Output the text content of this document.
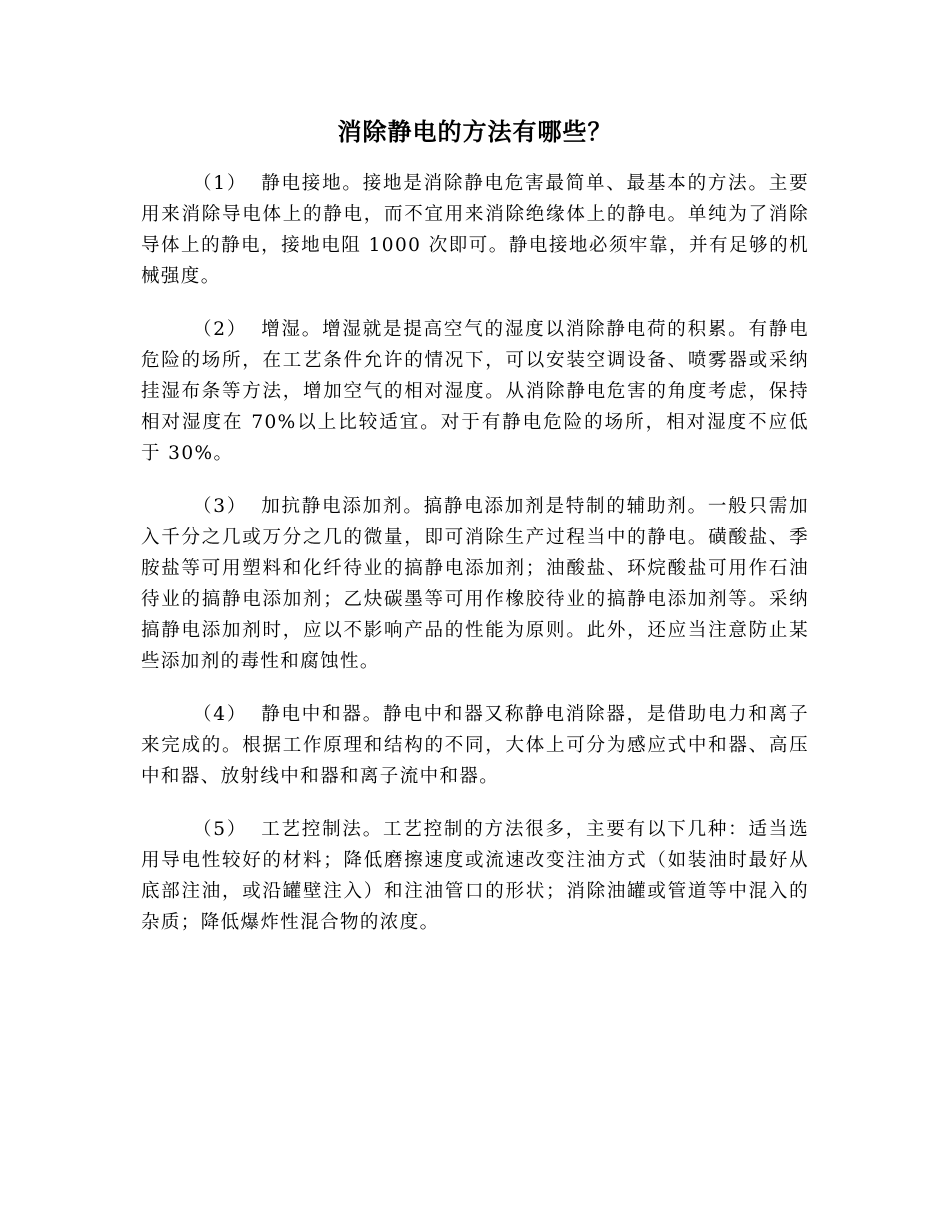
消除静电的方法有哪些？

（1） 静电接地。接地是消除静电危害最简单、最基本的方法。主要用来消除导电体上的静电，而不宜用来消除绝缘体上的静电。单纯为了消除导体上的静电，接地电阻 1000 次即可。静电接地必须牢靠，并有足够的机械强度。

（2） 增湿。增湿就是提高空气的湿度以消除静电荷的积累。有静电危险的场所，在工艺条件允许的情况下，可以安装空调设备、喷雾器或采纳挂湿布条等方法，增加空气的相对湿度。从消除静电危害的角度考虑，保持相对湿度在 70%以上比较适宜。对于有静电危险的场所，相对湿度不应低于 30%。

（3） 加抗静电添加剂。搞静电添加剂是特制的辅助剂。一般只需加入千分之几或万分之几的微量，即可消除生产过程当中的静电。磺酸盐、季胺盐等可用塑料和化纤待业的搞静电添加剂；油酸盐、环烷酸盐可用作石油待业的搞静电添加剂；乙炔碳墨等可用作橡胶待业的搞静电添加剂等。采纳搞静电添加剂时，应以不影响产品的性能为原则。此外，还应当注意防止某些添加剂的毒性和腐蚀性。

（4） 静电中和器。静电中和器又称静电消除器，是借助电力和离子来完成的。根据工作原理和结构的不同，大体上可分为感应式中和器、高压中和器、放射线中和器和离子流中和器。

（5） 工艺控制法。工艺控制的方法很多，主要有以下几种：适当选用导电性较好的材料；降低磨擦速度或流速改变注油方式（如装油时最好从底部注油，或沿罐壁注入）和注油管口的形状；消除油罐或管道等中混入的杂质；降低爆炸性混合物的浓度。
